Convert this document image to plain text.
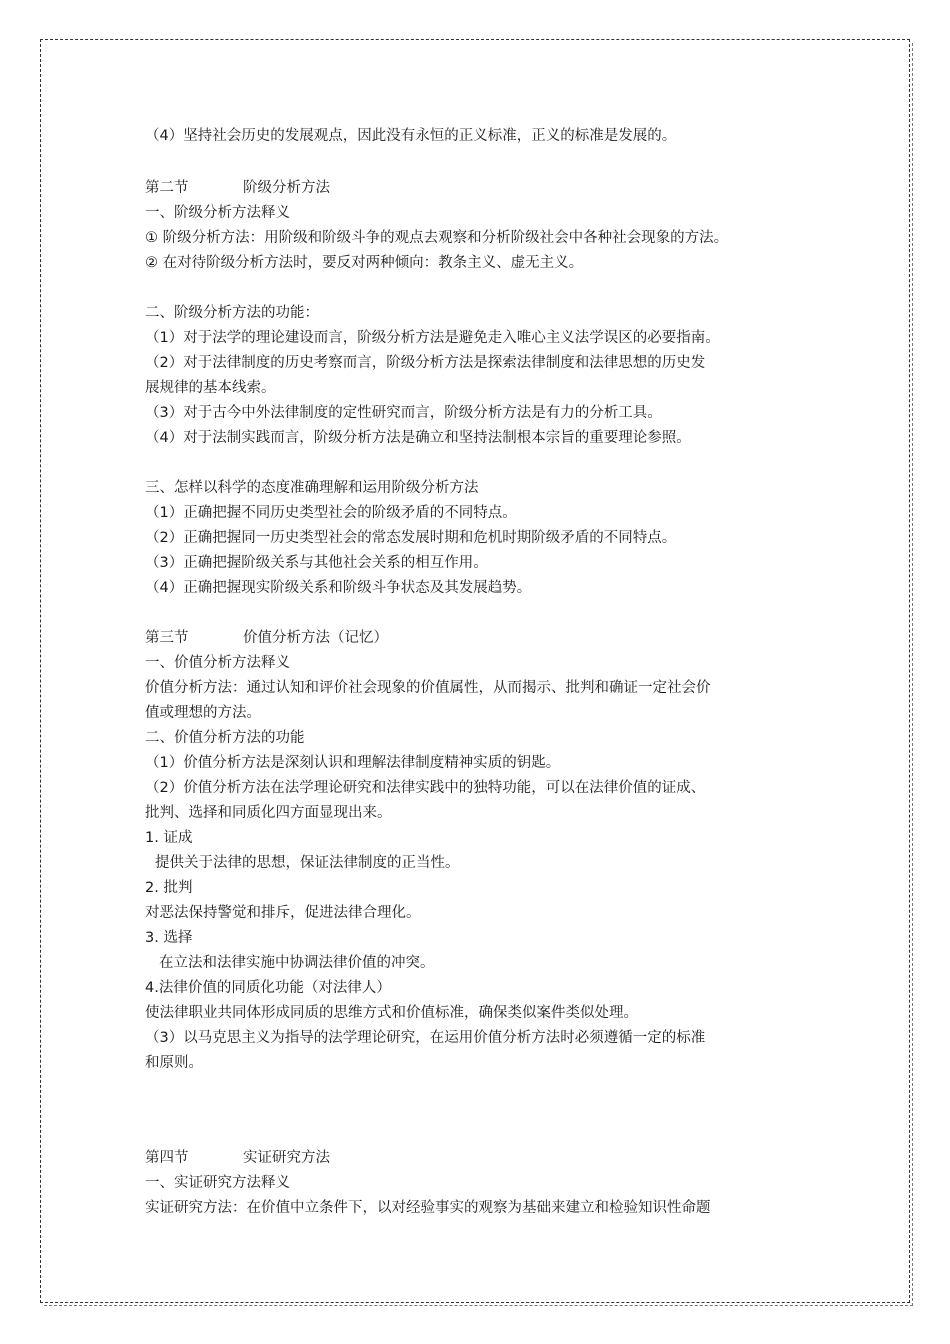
（4）坚持社会历史的发展观点，因此没有永恒的正义标准，正义的标准是发展的。
第二节	阶级分析方法
一、阶级分析方法释义
① 阶级分析方法：用阶级和阶级斗争的观点去观察和分析阶级社会中各种社会现象的方法。
② 在对待阶级分析方法时，要反对两种倾向：教条主义、虚无主义。
二、阶级分析方法的功能：
（1）对于法学的理论建设而言，阶级分析方法是避免走入唯心主义法学误区的必要指南。
（2）对于法律制度的历史考察而言，阶级分析方法是探索法律制度和法律思想的历史发
展规律的基本线索。
（3）对于古今中外法律制度的定性研究而言，阶级分析方法是有力的分析工具。
（4）对于法制实践而言，阶级分析方法是确立和坚持法制根本宗旨的重要理论参照。
三、怎样以科学的态度准确理解和运用阶级分析方法
（1）正确把握不同历史类型社会的阶级矛盾的不同特点。
（2）正确把握同一历史类型社会的常态发展时期和危机时期阶级矛盾的不同特点。
（3）正确把握阶级关系与其他社会关系的相互作用。
（4）正确把握现实阶级关系和阶级斗争状态及其发展趋势。
第三节	价值分析方法（记忆）
一、价值分析方法释义
价值分析方法：通过认知和评价社会现象的价值属性，从而揭示、批判和确证一定社会价
值或理想的方法。
二、价值分析方法的功能
（1）价值分析方法是深刻认识和理解法律制度精神实质的钥匙。
（2）价值分析方法在法学理论研究和法律实践中的独特功能，可以在法律价值的证成、
批判、选择和同质化四方面显现出来。
1. 证成
提供关于法律的思想，保证法律制度的正当性。
2. 批判
对恶法保持警觉和排斥，促进法律合理化。
3. 选择
在立法和法律实施中协调法律价值的冲突。
4.法律价值的同质化功能（对法律人）
使法律职业共同体形成同质的思维方式和价值标准，确保类似案件类似处理。
（3）以马克思主义为指导的法学理论研究，在运用价值分析方法时必须遵循一定的标准
和原则。
第四节	实证研究方法
一、实证研究方法释义
实证研究方法：在价值中立条件下，以对经验事实的观察为基础来建立和检验知识性命题
